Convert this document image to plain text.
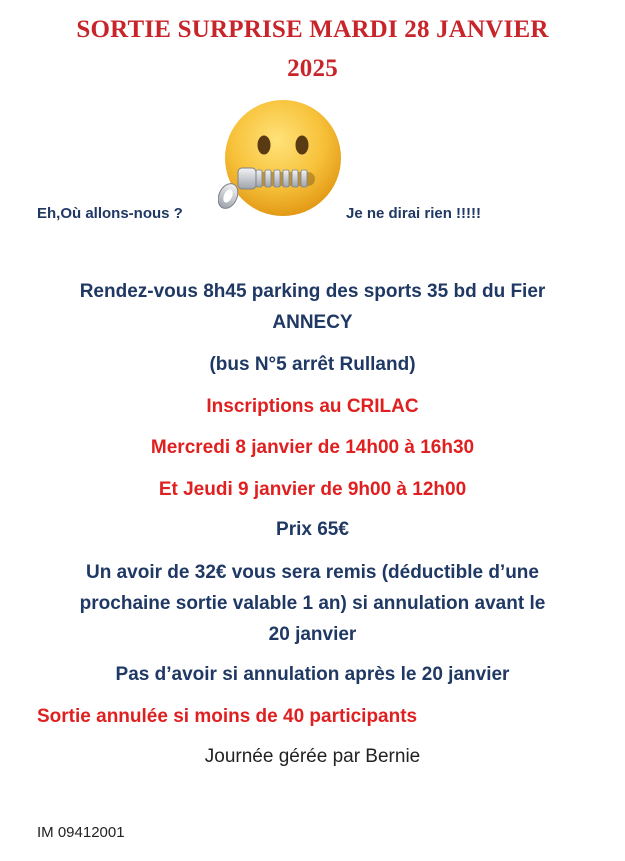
SORTIE SURPRISE MARDI 28 JANVIER
2025
Eh,Où allons-nous ?	Je ne dirai rien !!!!!
Rendez-vous 8h45 parking des sports 35 bd du Fier
ANNECY
(bus N°5 arrêt Rulland)
Inscriptions au CRILAC
Mercredi 8 janvier de 14h00 à 16h30
Et Jeudi 9 janvier de 9h00 à 12h00
Prix 65€
Un avoir de 32€ vous sera remis (déductible d’une
prochaine sortie valable 1 an) si annulation avant le
20 janvier
Pas d’avoir si annulation après le 20 janvier
Sortie annulée si moins de 40 participants
Journée gérée par Bernie
IM 09412001
